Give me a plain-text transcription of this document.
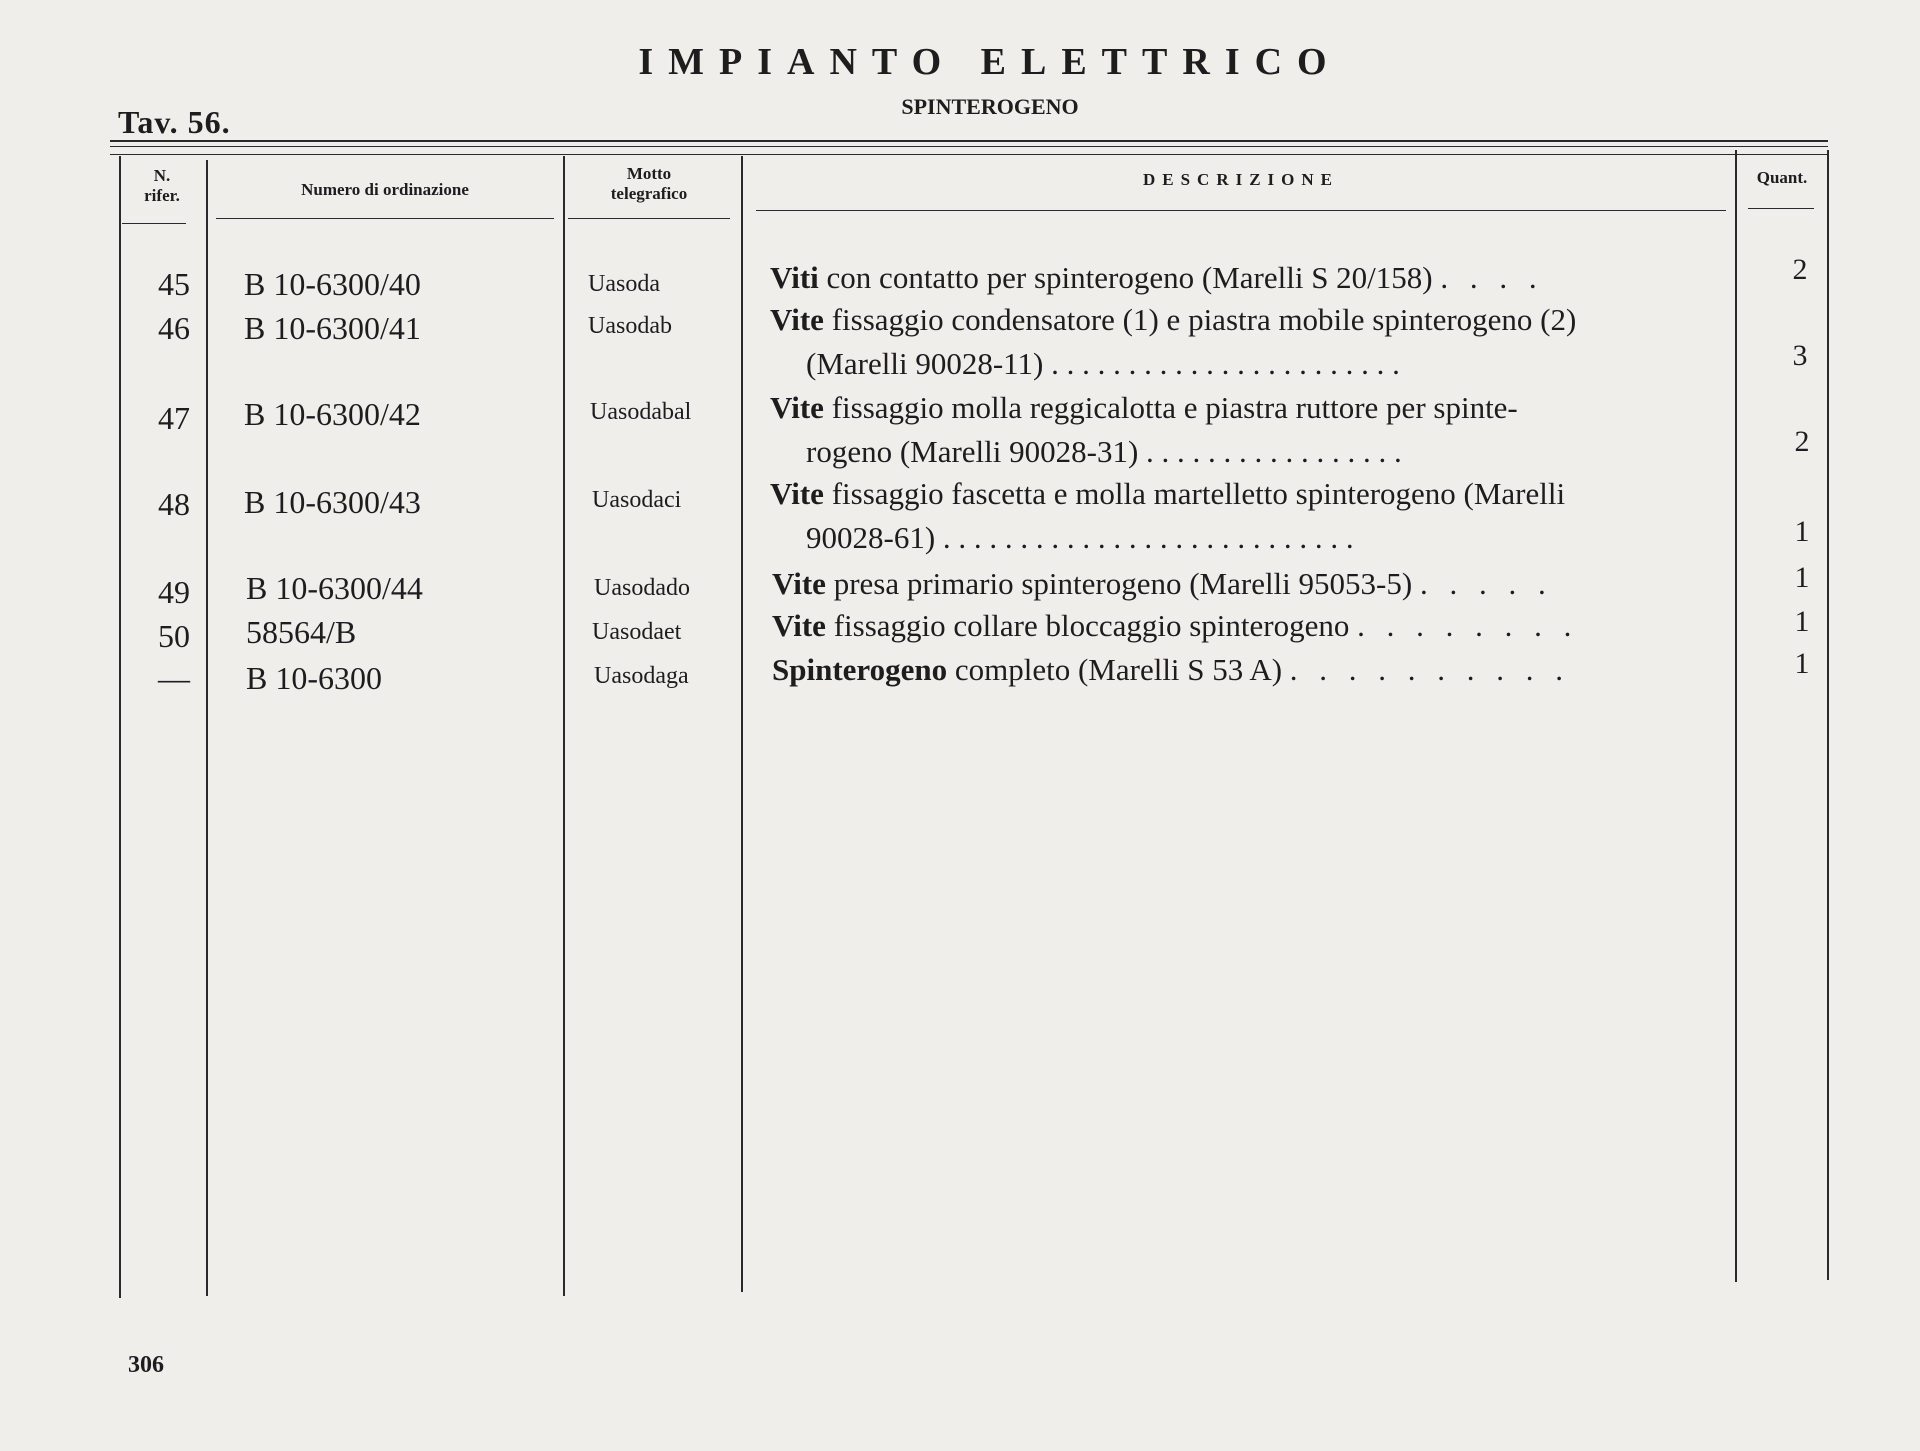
IMPIANTO ELETTRICO
SPINTEROGENO
Tav. 56.
N.
rifer.	Numero di ordinazione
Motto
telegrafico
DESCRIZIONE	Quant.
45 B 10-6300/40	Uasoda	Viti con contatto per spinterogeno (Marelli S 20/158) . . . .	2
46 B 10-6300/41	Uasodab	Vite fissaggio condensatore (1) e piastra mobile spinterogeno (2)
(Marelli 90028-11) . . . . . . . . . . . . . . . . . . . . . . .	3
47 B 10-6300/42	Uasodabal	Vite fissaggio molla reggicalotta e piastra ruttore per spinte-
rogeno (Marelli 90028-31) . . . . . . . . . . . . . . . . .	2
48 B 10-6300/43	Uasodaci	Vite fissaggio fascetta e molla martelletto spinterogeno (Marelli
90028-61) . . . . . . . . . . . . . . . . . . . . . . . . . . .	1
49 B 10-6300/44	Uasodado	Vite presa primario spinterogeno (Marelli 95053-5) . . . . .	1
50 58564/B	Uasodaet	Vite fissaggio collare bloccaggio spinterogeno . . . . . . . .	1
— B 10-6300	Uasodaga	Spinterogeno completo (Marelli S 53 A) . . . . . . . . . .	1
306
